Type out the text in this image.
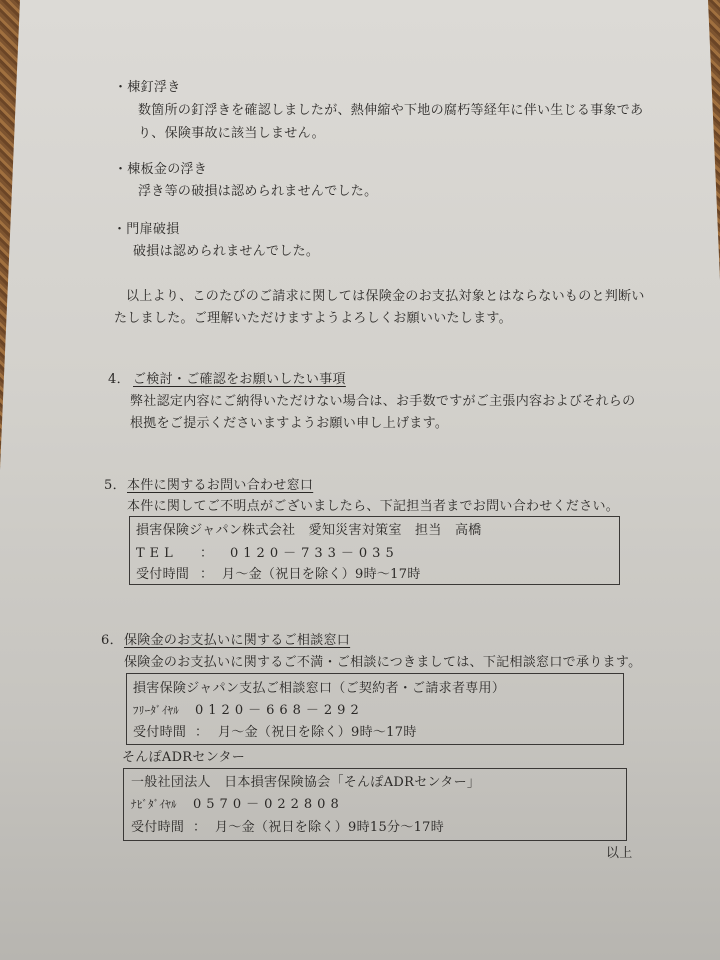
・棟釘浮き
数箇所の釘浮きを確認しましたが、熱伸縮や下地の腐朽等経年に伴い生じる事象であ
り、保険事故に該当しません。
・棟板金の浮き
浮き等の破損は認められませんでした。
・門扉破損
破損は認められませんでした。
以上より、このたびのご請求に関しては保険金のお支払対象とはならないものと判断い
たしました。ご理解いただけますようよろしくお願いいたします。
4． ご検討・ご確認をお願いしたい事項
弊社認定内容にご納得いただけない場合は、お手数ですがご主張内容およびそれらの
根拠をご提示くださいますようお願い申し上げます。
5． 本件に関するお問い合わせ窓口
本件に関してご不明点がございましたら、下記担当者までお問い合わせください。
損害保険ジャパン株式会社　愛知災害対策室　担当　高橋
TEL ： 0120－733－035
受付時間 ： 月～金（祝日を除く）9時～17時
6． 保険金のお支払いに関するご相談窓口
保険金のお支払いに関するご不満・ご相談につきましては、下記相談窓口で承ります。
損害保険ジャパン支払ご相談窓口（ご契約者・ご請求者専用）
ﾌﾘｰﾀﾞｲﾔﾙ 0120－668－292
受付時間 ： 月～金（祝日を除く）9時～17時
そんぽADRセンター
一般社団法人　日本損害保険協会「そんぽADRセンター」
ﾅﾋﾞﾀﾞｲﾔﾙ 0570－022808
受付時間 ： 月～金（祝日を除く）9時15分～17時
以上
